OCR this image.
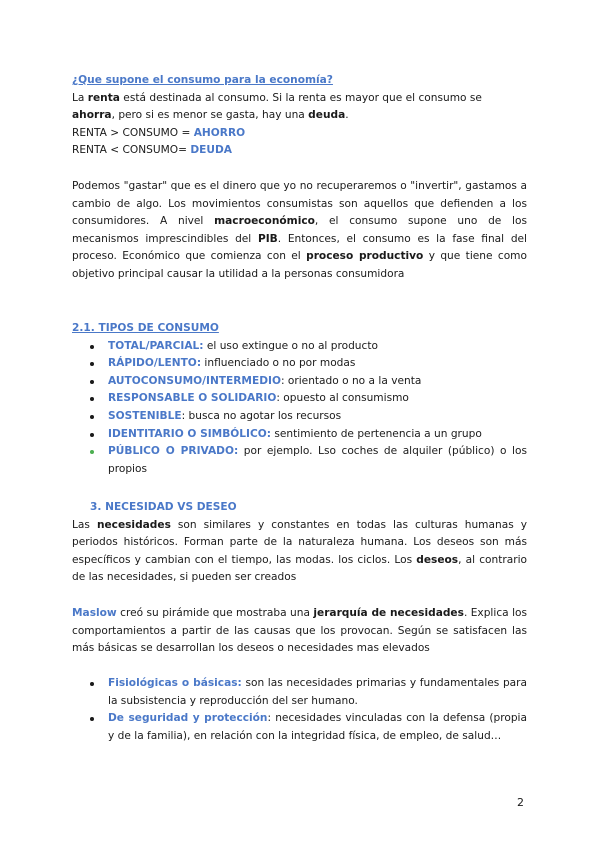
¿Que supone el consumo para la economía?
La renta está destinada al consumo. Si la renta es mayor que el consumo se ahorra, pero si es menor se gasta, hay una deuda.
RENTA > CONSUMO = AHORRO
RENTA < CONSUMO= DEUDA
Podemos "gastar" que es el dinero que yo no recuperaremos o "invertir", gastamos a cambio de algo. Los movimientos consumistas son aquellos que defienden a los consumidores. A nivel macroeconómico, el consumo supone uno de los mecanismos imprescindibles del PIB. Entonces, el consumo es la fase final del proceso. Económico que comienza con el proceso productivo y que tiene como objetivo principal causar la utilidad a la personas consumidora
2.1. TIPOS DE CONSUMO
TOTAL/PARCIAL: el uso extingue o no al producto
RÁPIDO/LENTO: influenciado o no por modas
AUTOCONSUMO/INTERMEDIO: orientado o no a la venta
RESPONSABLE O SOLIDARIO: opuesto al consumismo
SOSTENIBLE: busca no agotar los recursos
IDENTITARIO O SIMBÓLICO: sentimiento de pertenencia a un grupo
PÚBLICO O PRIVADO: por ejemplo. Lso coches de alquiler (público) o los propios
3. NECESIDAD VS DESEO
Las necesidades son similares y constantes en todas las culturas humanas y periodos históricos. Forman parte de la naturaleza humana. Los deseos son más específicos y cambian con el tiempo, las modas. los ciclos. Los deseos, al contrario de las necesidades, si pueden ser creados
Maslow creó su pirámide que mostraba una jerarquía de necesidades. Explica los comportamientos a partir de las causas que los provocan. Según se satisfacen las más básicas se desarrollan los deseos o necesidades mas elevados
Fisiológicas o básicas: son las necesidades primarias y fundamentales para la subsistencia y reproducción del ser humano.
De seguridad y protección: necesidades vinculadas con la defensa (propia y de la familia), en relación con la integridad física, de empleo, de salud…
2
